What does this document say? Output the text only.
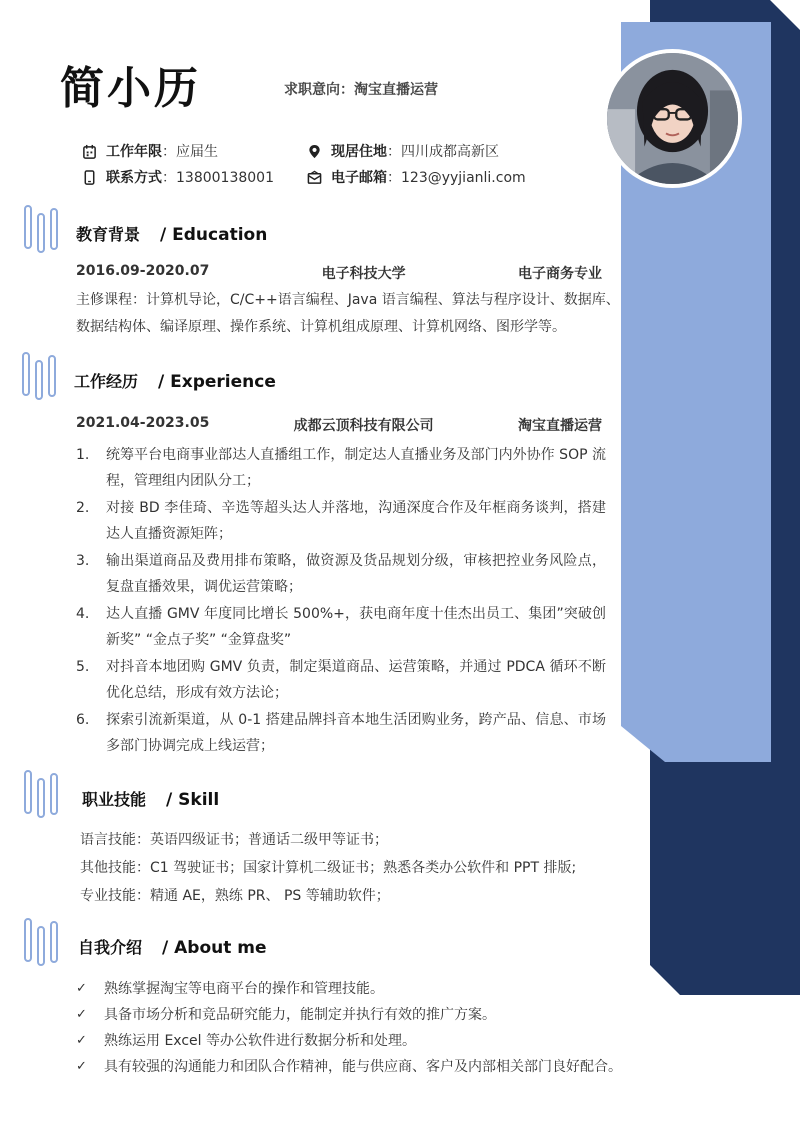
简小历	求职意向：淘宝直播运营
工作年限 ：应届生	现居住地 ：四川成都高新区
联系方式 ：13800138001	电子邮箱 ：123@yyjianli.com
教育背景 / Education
2016.09-2020.07	电子科技大学	电子商务专业
主修课程：计算机导论，C/C++语言编程、Java 语言编程、算法与程序设计、数据库、
数据结构体、编译原理、操作系统、计算机组成原理、计算机网络、图形学等。
工作经历 / Experience
2021.04-2023.05	成都云顶科技有限公司	淘宝直播运营
1.	统筹平台电商事业部达人直播组工作，制定达人直播业务及部门内外协作 SOP 流程，管理组内团队分工；
2.	对接 BD 李佳琦、辛选等超头达人并落地，沟通深度合作及年框商务谈判，搭建达人直播资源矩阵；
3.	输出渠道商品及费用排布策略，做资源及货品规划分级，审核把控业务风险点，复盘直播效果，调优运营策略；
4.	达人直播 GMV 年度同比增长 500%+，获电商年度十佳杰出员工、集团”突破创新奖” “金点子奖” “金算盘奖”
5.	对抖音本地团购 GMV 负责，制定渠道商品、运营策略，并通过 PDCA 循环不断优化总结，形成有效方法论；
6.	探索引流新渠道，从 0-1 搭建品牌抖音本地生活团购业务，跨产品、信息、市场多部门协调完成上线运营；
职业技能 / Skill
语言技能：英语四级证书；普通话二级甲等证书；
其他技能：C1 驾驶证书；国家计算机二级证书；熟悉各类办公软件和 PPT 排版;
专业技能：精通 AE，熟练 PR、 PS 等辅助软件；
自我介绍 / About me
✓	熟练掌握淘宝等电商平台的操作和管理技能。
✓	具备市场分析和竞品研究能力，能制定并执行有效的推广方案。
✓	熟练运用 Excel 等办公软件进行数据分析和处理。
✓	具有较强的沟通能力和团队合作精神，能与供应商、客户及内部相关部门良好配合。
